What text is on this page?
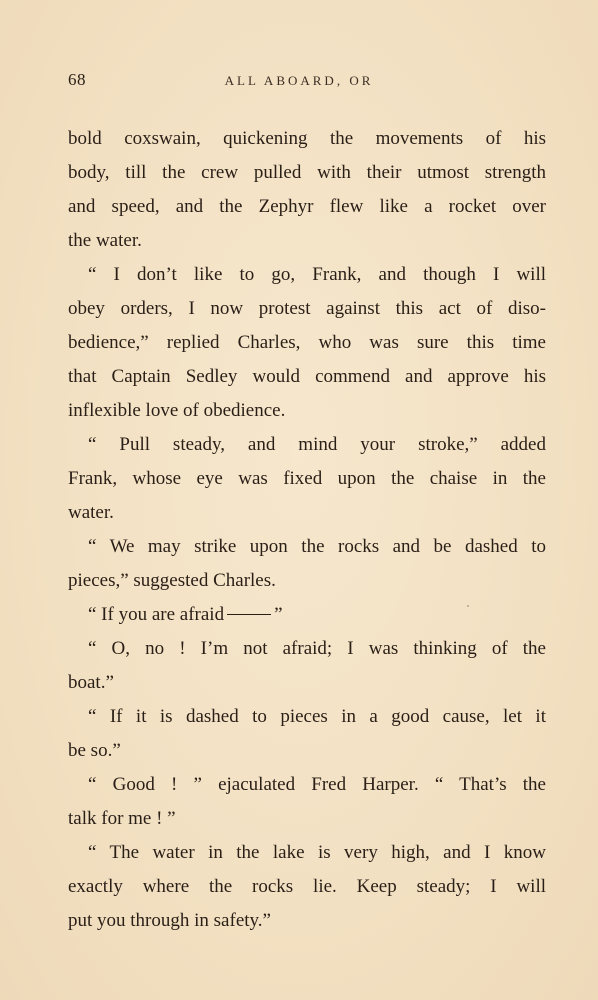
68	ALL ABOARD, OR
bold coxswain, quickening the movements of his
body, till the crew pulled with their utmost strength
and speed, and the Zephyr flew like a rocket over
the water.
“ I don’t like to go, Frank, and though I will
obey orders, I now protest against this act of diso-
bedience,” replied Charles, who was sure this time
that Captain Sedley would commend and approve his
inflexible love of obedience.
“ Pull steady, and mind your stroke,” added
Frank, whose eye was fixed upon the chaise in the
water.
“ We may strike upon the rocks and be dashed to
pieces,” suggested Charles.
“ If you are afraid	”
“ O, no ! I’m not afraid; I was thinking of the
boat.”
“ If it is dashed to pieces in a good cause, let it
be so.”
“ Good ! ” ejaculated Fred Harper. “ That’s the
talk for me ! ”
“ The water in the lake is very high, and I know
exactly where the rocks lie. Keep steady; I will
put you through in safety.”
